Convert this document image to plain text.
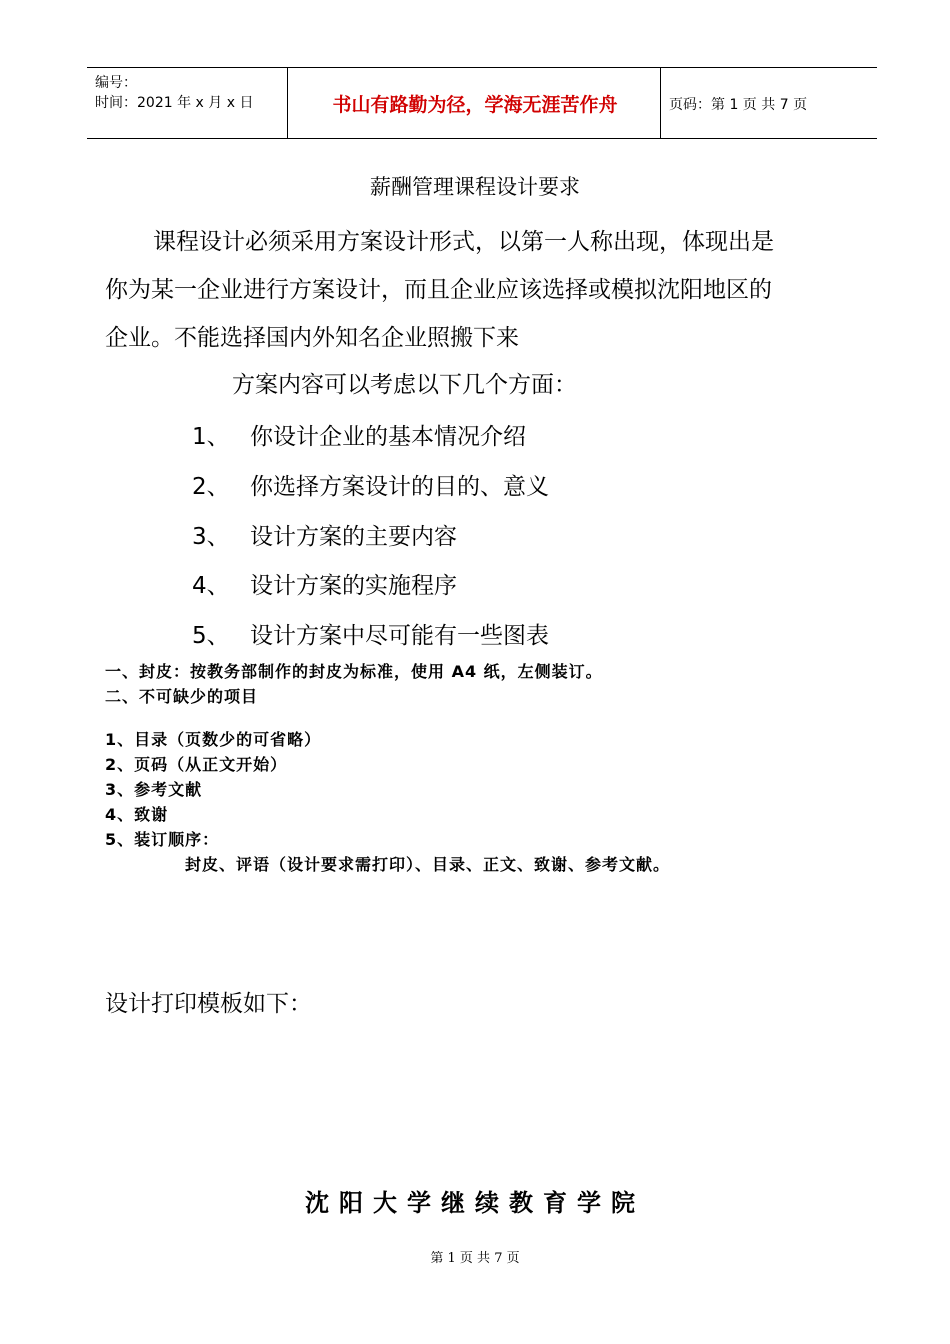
编号：
时间：2021 年 x 月 x 日	书山有路勤为径，学海无涯苦作舟	页码：第 1 页 共 7 页
薪酬管理课程设计要求
课程设计必须采用方案设计形式，以第一人称出现，体现出是
你为某一企业进行方案设计，而且企业应该选择或模拟沈阳地区的
企业。不能选择国内外知名企业照搬下来
方案内容可以考虑以下几个方面：
1、 你设计企业的基本情况介绍
2、 你选择方案设计的目的、意义
3、 设计方案的主要内容
4、 设计方案的实施程序
5、 设计方案中尽可能有一些图表
一、封皮：按教务部制作的封皮为标准，使用 A4 纸，左侧装订。
二、不可缺少的项目
1、目录（页数少的可省略）
2、页码（从正文开始）
3、参考文献
4、致谢
5、装订顺序：
封皮、评语（设计要求需打印）、目录、正文、致谢、参考文献。
设计打印模板如下：
沈阳大学继续教育学院
第 1 页 共 7 页
